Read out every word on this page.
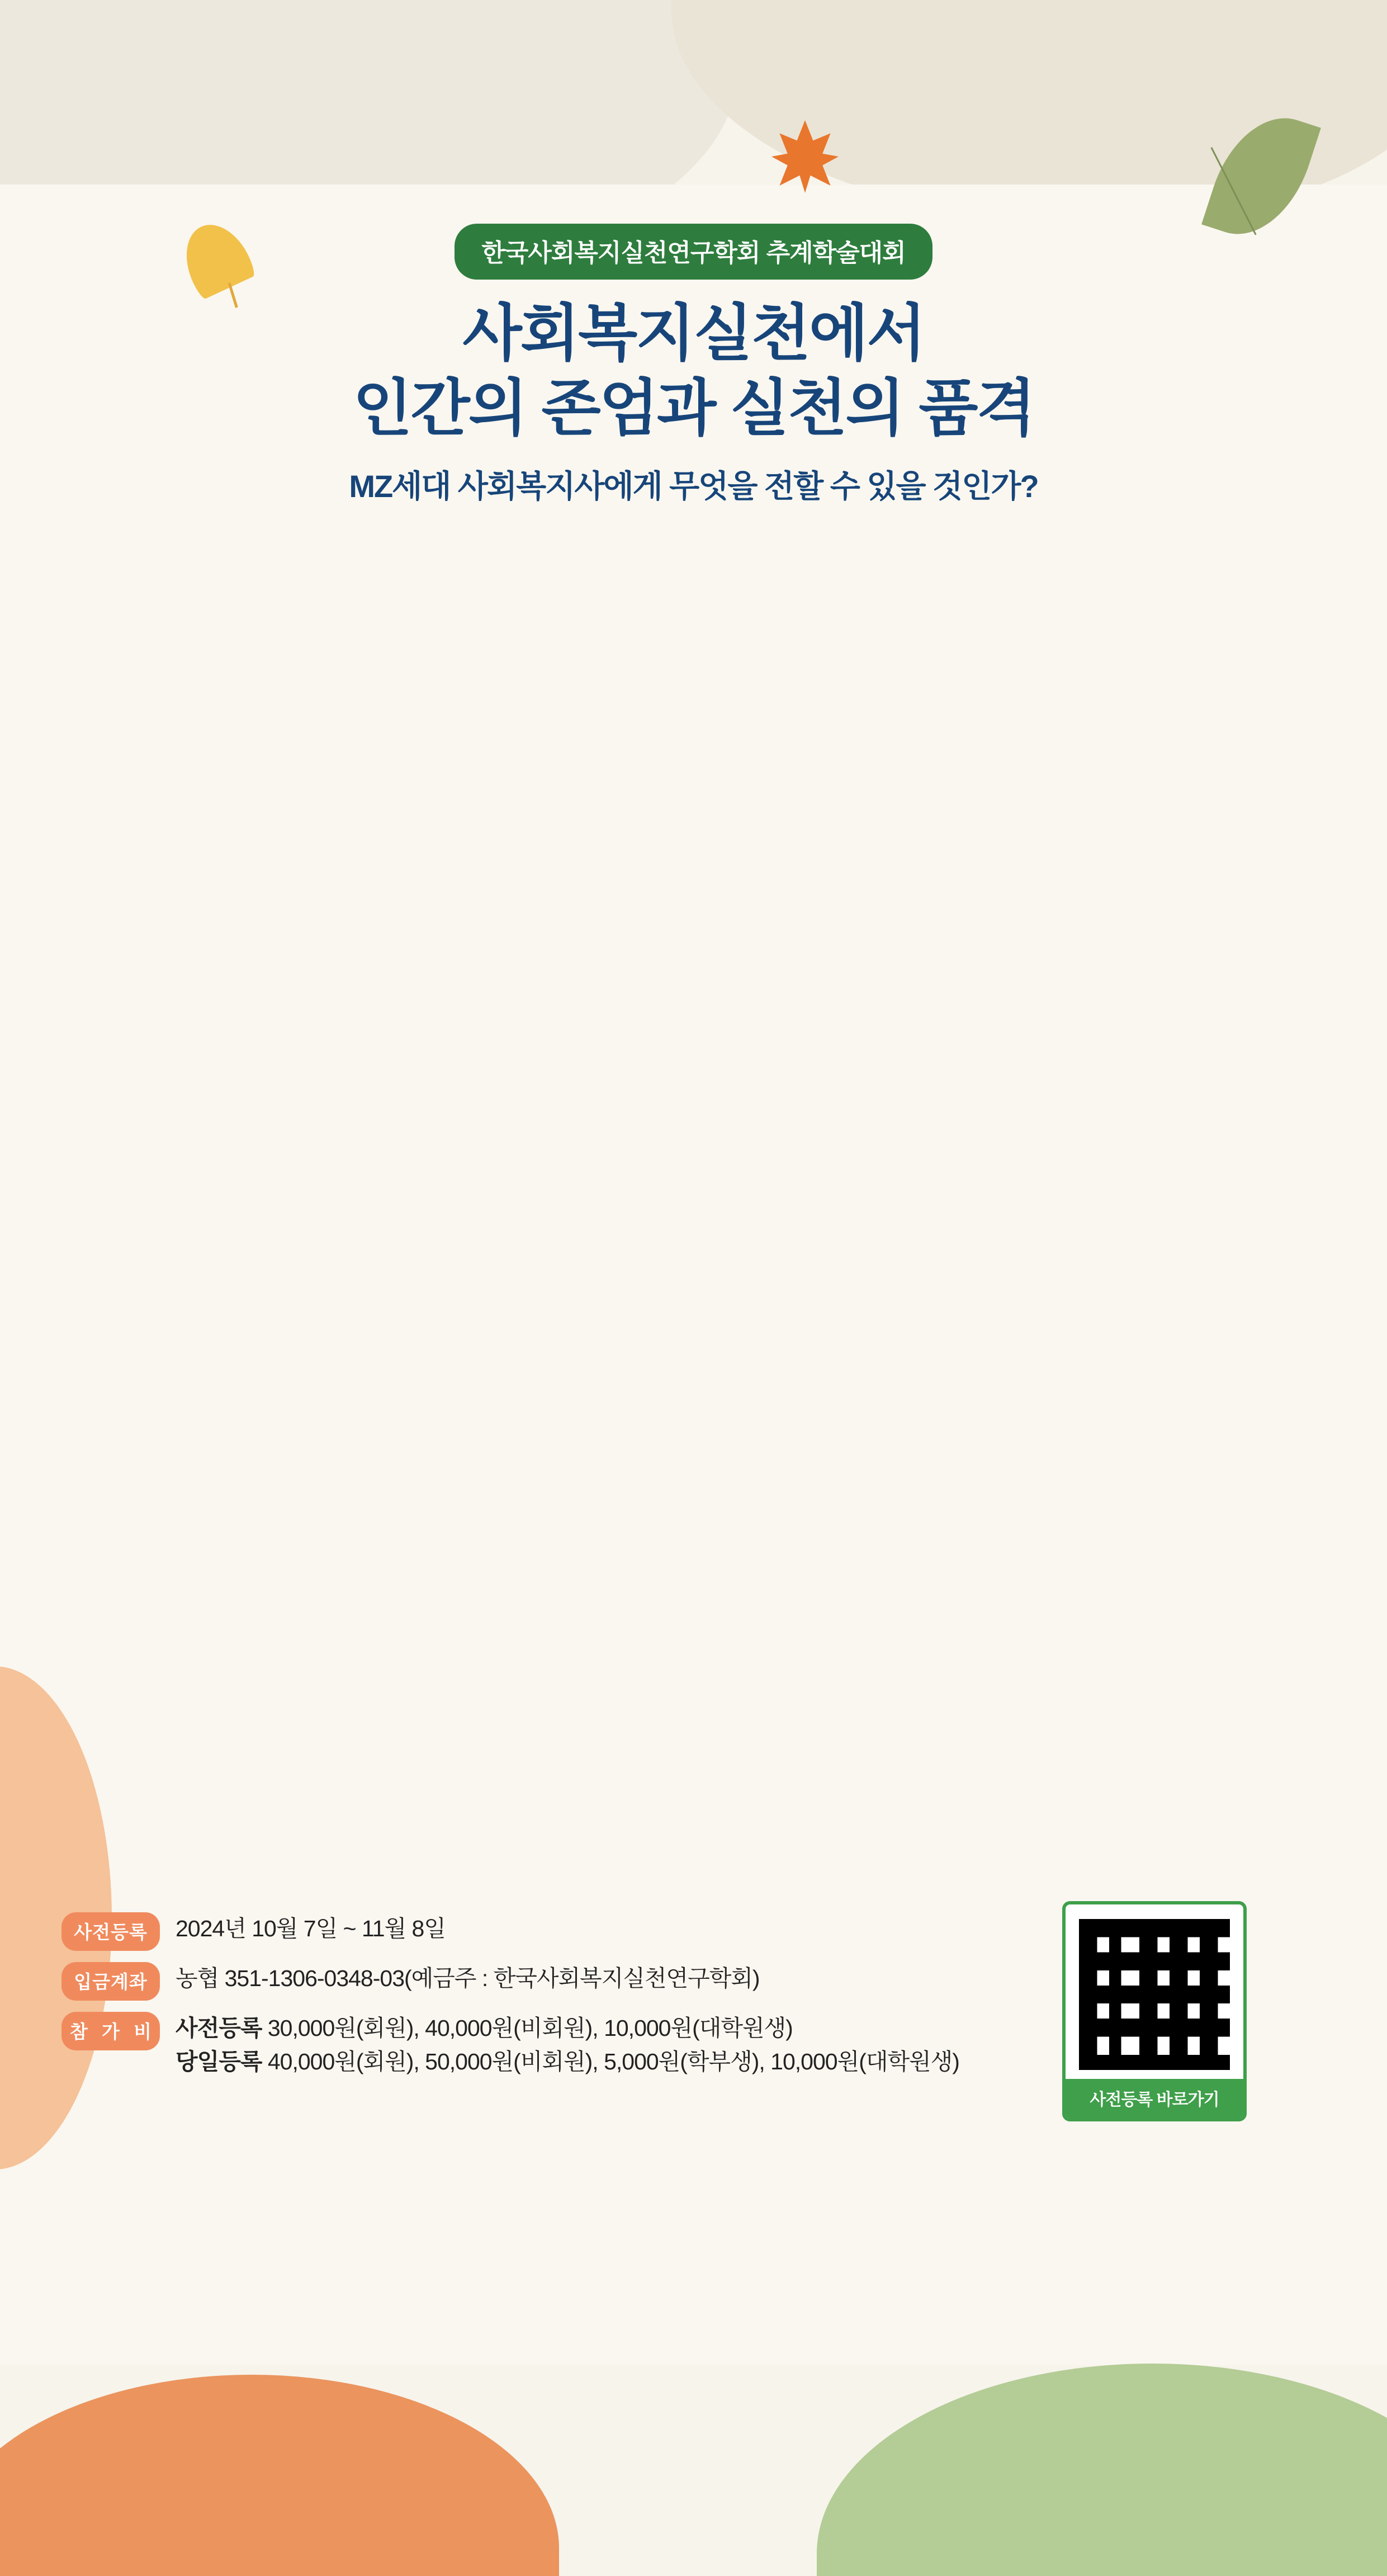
한국사회복지실천연구학회 추계학술대회
사회복지실천에서
인간의 존엄과 실천의 품격
MZ세대 사회복지사에게 무엇을 전할 수 있을 것인가?

사전등록	2024년 10월 7일 ~ 11월 8일
입금계좌	농협 351-1306-0348-03(예금주 : 한국사회복지실천연구학회)
참 가 비 사전등록 30,000원(회원), 40,000원(비회원), 10,000원(대학원생)
당일등록 40,000원(회원), 50,000원(비회원), 5,000원(학부생), 10,000원(대학원생)
사전등록 바로가기
